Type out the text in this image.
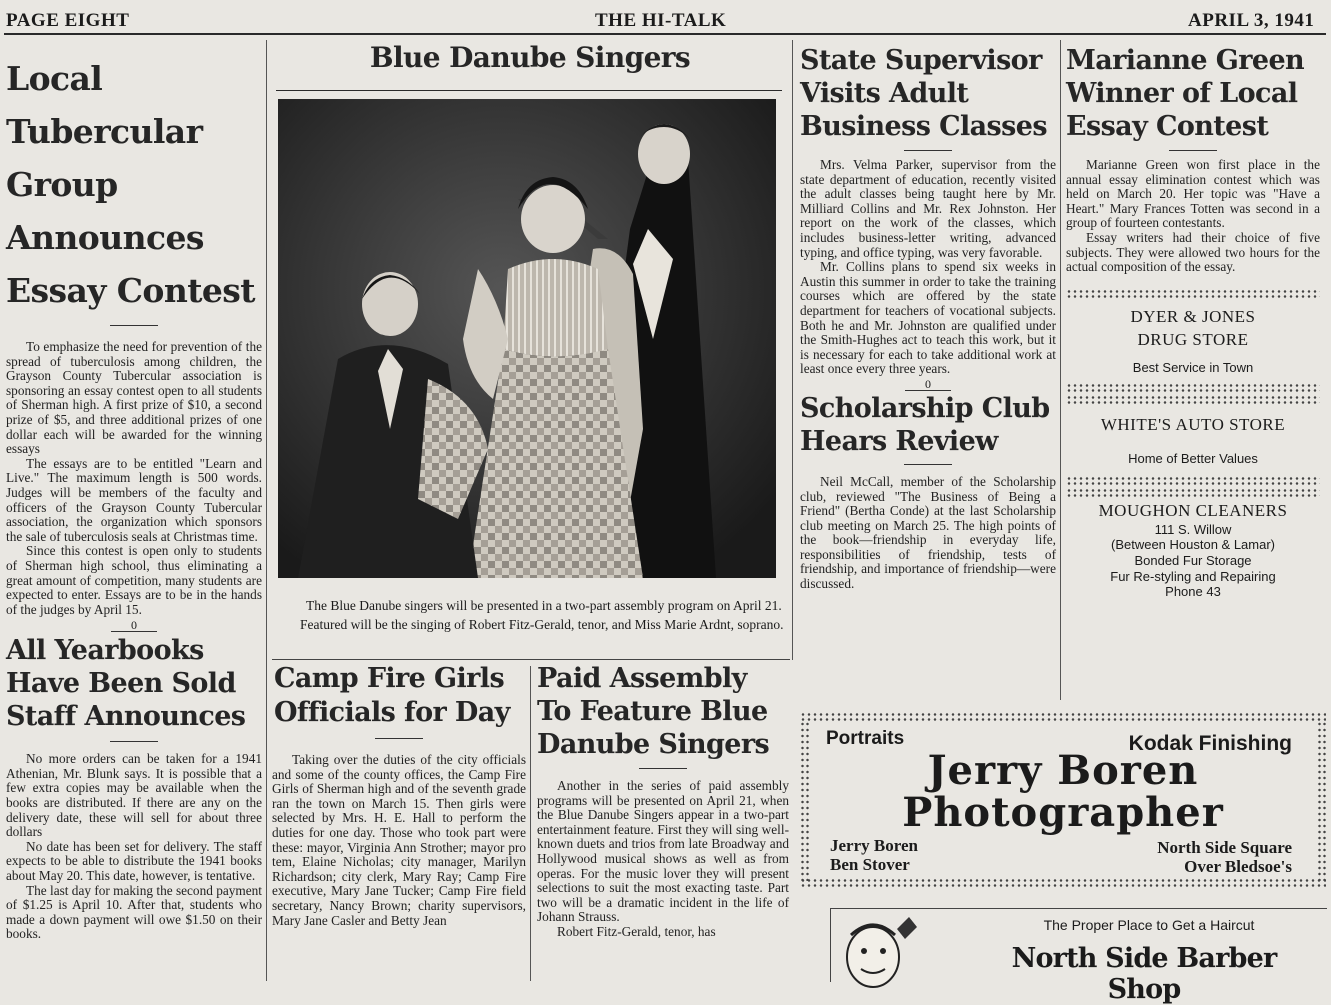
PAGE EIGHT	THE HI-TALK	APRIL 3, 1941
Local Tubercular Group Announces Essay Contest

To emphasize the need for prevention of the spread of tuberculosis among children, the Grayson County Tubercular association is sponsoring an essay contest open to all students of Sherman high. A first prize of $10, a second prize of $5, and three additional prizes of one dollar each will be awarded for the winning essays

The essays are to be entitled "Learn and Live." The maximum length is 500 words. Judges will be members of the faculty and officers of the Grayson County Tubercular association, the organization which sponsors the sale of tuberculosis seals at Christmas time.

Since this contest is open only to students of Sherman high school, thus eliminating a great amount of competition, many students are expected to enter. Essays are to be in the hands of the judges by April 15.

0
All Yearbooks Have Been Sold Staff Announces

No more orders can be taken for a 1941 Athenian, Mr. Blunk says. It is possible that a few extra copies may be available when the books are distributed. If there are any on the delivery date, these will sell for about three dollars

No date has been set for delivery. The staff expects to be able to distribute the 1941 books about May 20. This date, however, is tentative.

The last day for making the second payment of $1.25 is April 10. After that, students who made a down payment will owe $1.50 on their books.

Blue Danube Singers
The Blue Danube singers will be presented in a two-part assembly program on April 21. Featured will be the singing of Robert Fitz-Gerald, tenor, and Miss Marie Ardnt, soprano.
Camp Fire Girls Officials for Day

Taking over the duties of the city officials and some of the county offices, the Camp Fire Girls of Sherman high and of the seventh grade ran the town on March 15. Then girls were selected by Mrs. H. E. Hall to perform the duties for one day. Those who took part were these: mayor, Virginia Ann Strother; mayor pro tem, Elaine Nicholas; city manager, Marilyn Richardson; city clerk, Mary Ray; Camp Fire executive, Mary Jane Tucker; Camp Fire field secretary, Nancy Brown; charity supervisors, Mary Jane Casler and Betty Jean

Paid Assembly To Feature Blue Danube Singers

Another in the series of paid assembly programs will be presented on April 21, when the Blue Danube Singers appear in a two-part entertainment feature. First they will sing well-known duets and trios from late Broadway and Hollywood musical shows as well as from operas. For the music lover they will present selections to suit the most exacting taste. Part two will be a dramatic incident in the life of Johann Strauss.

Robert Fitz-Gerald, tenor, has

State Supervisor Visits Adult Business Classes

Mrs. Velma Parker, supervisor from the state department of education, recently visited the adult classes being taught here by Mr. Milliard Collins and Mr. Rex Johnston. Her report on the work of the classes, which includes business-letter writing, advanced typing, and office typing, was very favorable.

Mr. Collins plans to spend six weeks in Austin this summer in order to take the training courses which are offered by the state department for teachers of vocational subjects. Both he and Mr. Johnston are qualified under the Smith-Hughes act to teach this work, but it is necessary for each to take additional work at least once every three years.

0
Scholarship Club Hears Review

Neil McCall, member of the Scholarship club, reviewed "The Business of Being a Friend" (Bertha Conde) at the last Scholarship club meeting on March 25. The high points of the book—friendship in everyday life, responsibilities of friendship, tests of friendship, and importance of friendship—were discussed.

Marianne Green Winner of Local Essay Contest

Marianne Green won first place in the annual essay elimination contest which was held on March 20. Her topic was "Have a Heart." Mary Frances Totten was second in a group of fourteen contestants.

Essay writers had their choice of five subjects. They were allowed two hours for the actual composition of the essay.

DYER & JONES
DRUG STORE
Best Service in Town
WHITE'S AUTO STORE
Home of Better Values
MOUGHON CLEANERS
111 S. Willow
(Between Houston & Lamar)
Bonded Fur Storage
Fur Re-styling and Repairing
Phone 43
Portraits	Kodak Finishing
Jerry Boren
Photographer
Jerry Boren
Ben Stover
North Side Square
Over Bledsoe's
The Proper Place to Get a Haircut
North Side Barber Shop
